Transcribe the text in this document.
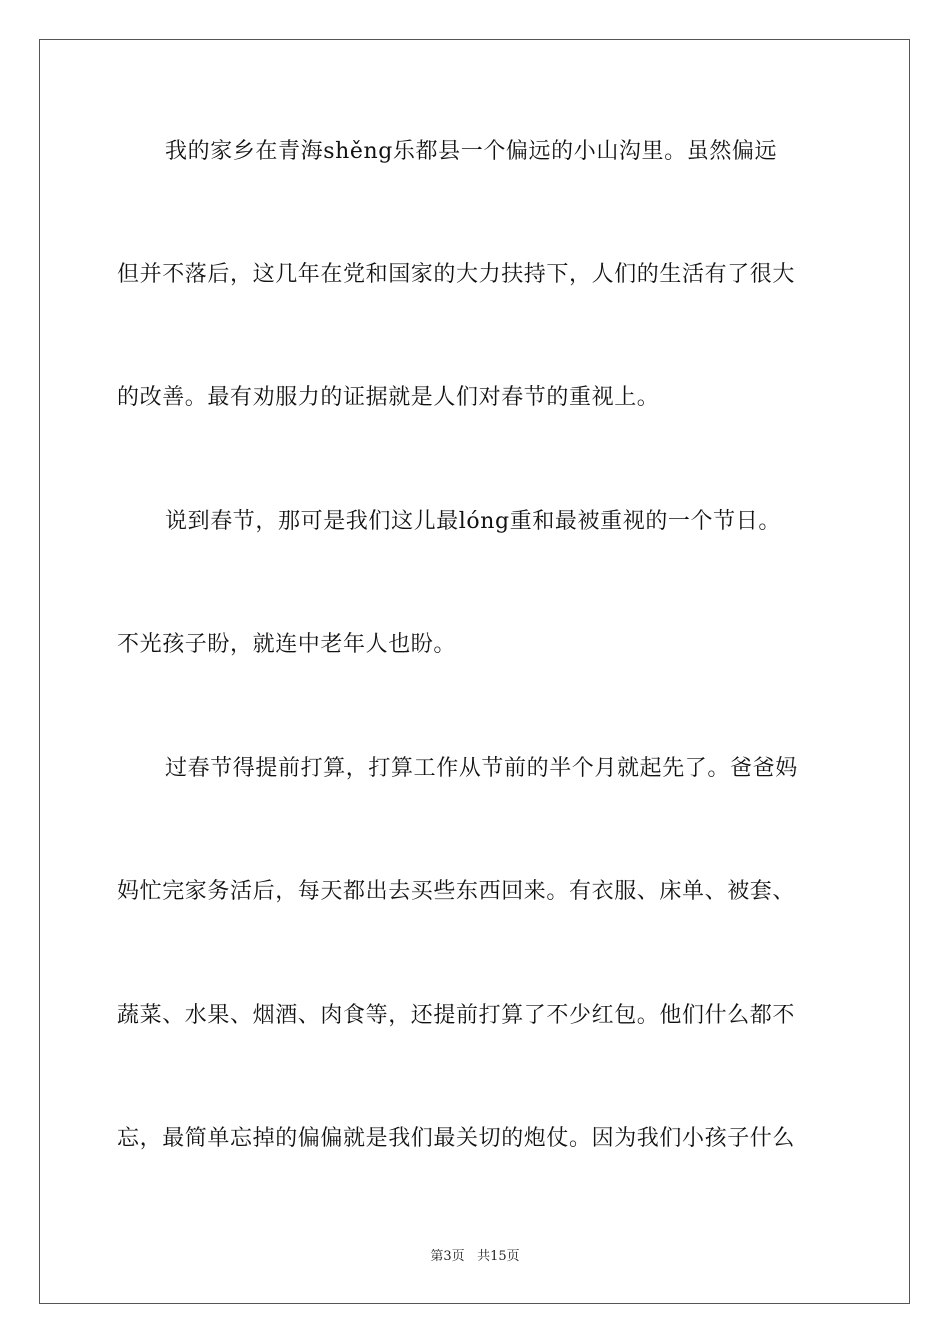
我的家乡在青海shěng乐都县一个偏远的小山沟里。虽然偏远
但并不落后，这几年在党和国家的大力扶持下，人们的生活有了很大
的改善。最有劝服力的证据就是人们对春节的重视上。
说到春节，那可是我们这儿最lóng重和最被重视的一个节日。
不光孩子盼，就连中老年人也盼。
过春节得提前打算，打算工作从节前的半个月就起先了。爸爸妈
妈忙完家务活后，每天都出去买些东西回来。有衣服、床单、被套、
蔬菜、水果、烟酒、肉食等，还提前打算了不少红包。他们什么都不
忘，最简单忘掉的偏偏就是我们最关切的炮仗。因为我们小孩子什么
第3页 共15页
